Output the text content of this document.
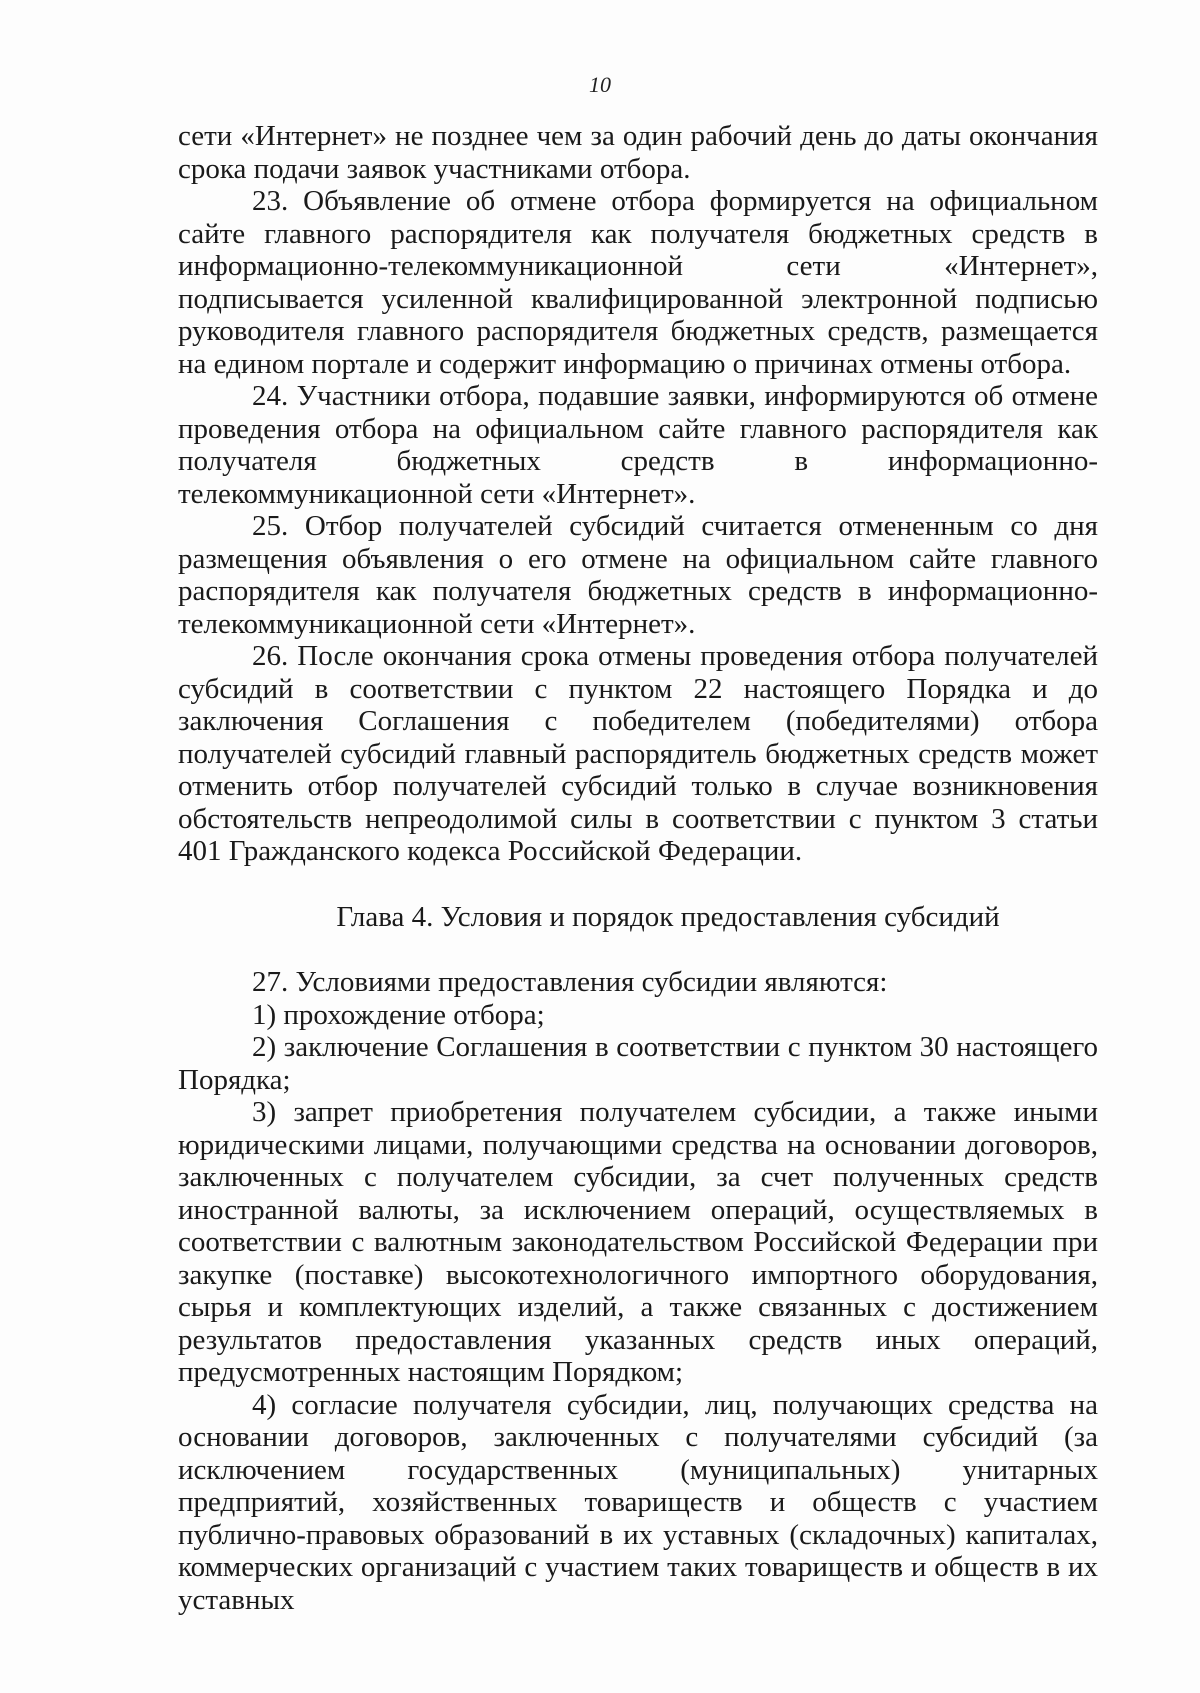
10

сети «Интернет» не позднее чем за один рабочий день до даты окончания срока подачи заявок участниками отбора.

23. Объявление об отмене отбора формируется на официальном сайте главного распорядителя как получателя бюджетных средств в информационно-телекоммуникационной сети «Интернет», подписывается усиленной квалифицированной электронной подписью руководителя главного распорядителя бюджетных средств, размещается на едином портале и содержит информацию о причинах отмены отбора.

24. Участники отбора, подавшие заявки, информируются об отмене проведения отбора на официальном сайте главного распорядителя как получателя бюджетных средств в информационно-телекоммуникационной сети «Интернет».

25. Отбор получателей субсидий считается отмененным со дня размещения объявления о его отмене на официальном сайте главного распорядителя как получателя бюджетных средств в информационно-телекоммуникационной сети «Интернет».

26. После окончания срока отмены проведения отбора получателей субсидий в соответствии с пунктом 22 настоящего Порядка и до заключения Соглашения с победителем (победителями) отбора получателей субсидий главный распорядитель бюджетных средств может отменить отбор получателей субсидий только в случае возникновения обстоятельств непреодолимой силы в соответствии с пунктом 3 статьи 401 Гражданского кодекса Российской Федерации.

Глава 4. Условия и порядок предоставления субсидий

27. Условиями предоставления субсидии являются:

1) прохождение отбора;

2) заключение Соглашения в соответствии с пунктом 30 настоящего Порядка;

3) запрет приобретения получателем субсидии, а также иными юридическими лицами, получающими средства на основании договоров, заключенных с получателем субсидии, за счет полученных средств иностранной валюты, за исключением операций, осуществляемых в соответствии с валютным законодательством Российской Федерации при закупке (поставке) высокотехнологичного импортного оборудования, сырья и комплектующих изделий, а также связанных с достижением результатов предоставления указанных средств иных операций, предусмотренных настоящим Порядком;

4) согласие получателя субсидии, лиц, получающих средства на основании договоров, заключенных с получателями субсидий (за исключением государственных (муниципальных) унитарных предприятий, хозяйственных товариществ и обществ с участием публично-правовых образований в их уставных (складочных) капиталах, коммерческих организаций с участием таких товариществ и обществ в их уставных
